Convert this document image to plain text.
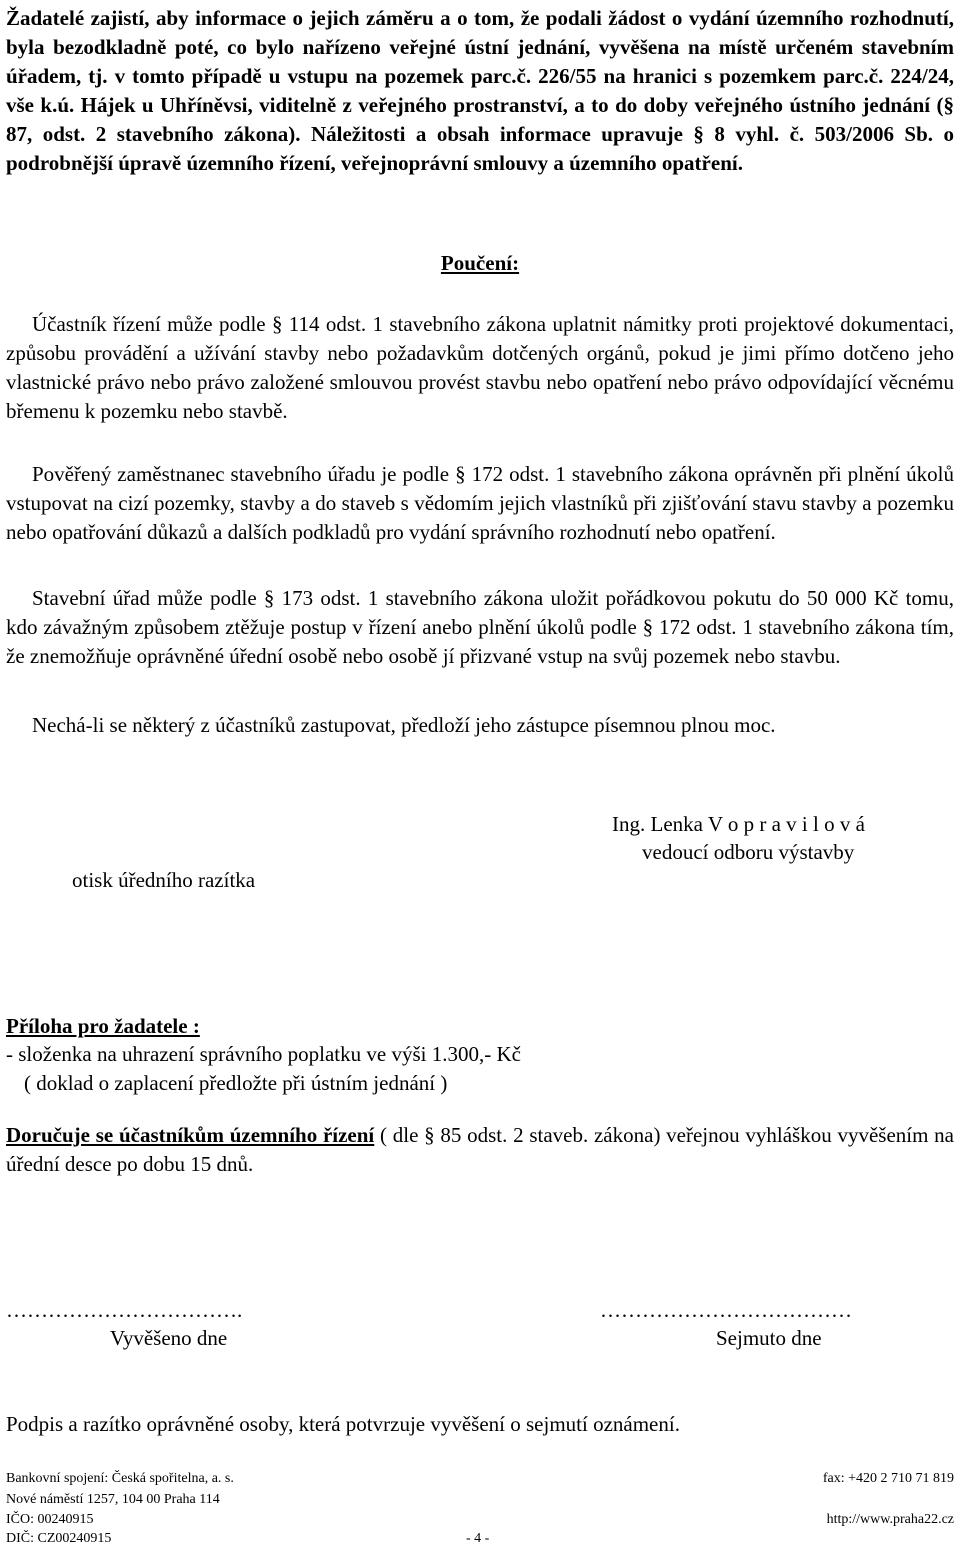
Žadatelé zajistí, aby informace o jejich záměru a o tom, že podali žádost o vydání územního rozhodnutí, byla bezodkladně poté, co bylo nařízeno veřejné ústní jednání, vyvěšena na místě určeném stavebním úřadem, tj. v tomto případě u vstupu na pozemek parc.č. 226/55 na hranici s pozemkem parc.č. 224/24, vše k.ú. Hájek u Uhříněvsi, viditelně z veřejného prostranství, a to do doby veřejného ústního jednání (§ 87, odst. 2 stavebního zákona). Náležitosti a obsah informace upravuje § 8 vyhl. č. 503/2006 Sb. o podrobnější úpravě územního řízení, veřejnoprávní smlouvy a územního opatření.
Poučení:
Účastník řízení může podle § 114 odst. 1 stavebního zákona uplatnit námitky proti projektové dokumentaci, způsobu provádění a užívání stavby nebo požadavkům dotčených orgánů, pokud je jimi přímo dotčeno jeho vlastnické právo nebo právo založené smlouvou provést stavbu nebo opatření nebo právo odpovídající věcnému břemenu k pozemku nebo stavbě.
Pověřený zaměstnanec stavebního úřadu je podle § 172 odst. 1 stavebního zákona oprávněn při plnění úkolů vstupovat na cizí pozemky, stavby a do staveb s vědomím jejich vlastníků při zjišťování stavu stavby a pozemku nebo opatřování důkazů a dalších podkladů pro vydání správního rozhodnutí nebo opatření.
Stavební úřad může podle § 173 odst. 1 stavebního zákona uložit pořádkovou pokutu do 50 000 Kč tomu, kdo závažným způsobem ztěžuje postup v řízení anebo plnění úkolů podle § 172 odst. 1 stavebního zákona tím, že znemožňuje oprávněné úřední osobě nebo osobě jí přizvané vstup na svůj pozemek nebo stavbu.
Nechá-li se některý z účastníků zastupovat, předloží jeho zástupce písemnou plnou moc.
otisk úředního razítka
Ing. Lenka V o p r a v i l o v á
vedoucí odboru výstavby
Příloha pro žadatele :
- složenka na uhrazení správního poplatku ve výši 1.300,- Kč
( doklad o zaplacení předložte při ústním jednání )
Doručuje se účastníkům územního řízení ( dle § 85 odst. 2 staveb. zákona) veřejnou vyhláškou vyvěšením na úřední desce po dobu 15 dnů.
…………………………….	………………………………
Vyvěšeno dne	Sejmuto dne
Podpis a razítko oprávněné osoby, která potvrzuje vyvěšení o sejmutí oznámení.
Bankovní spojení: Česká spořitelna, a. s.
Nové náměstí 1257, 104 00 Praha 114
IČO: 00240915
DIČ: CZ00240915	- 4 -
fax: +420 2 710 71 819
http://www.praha22.cz
